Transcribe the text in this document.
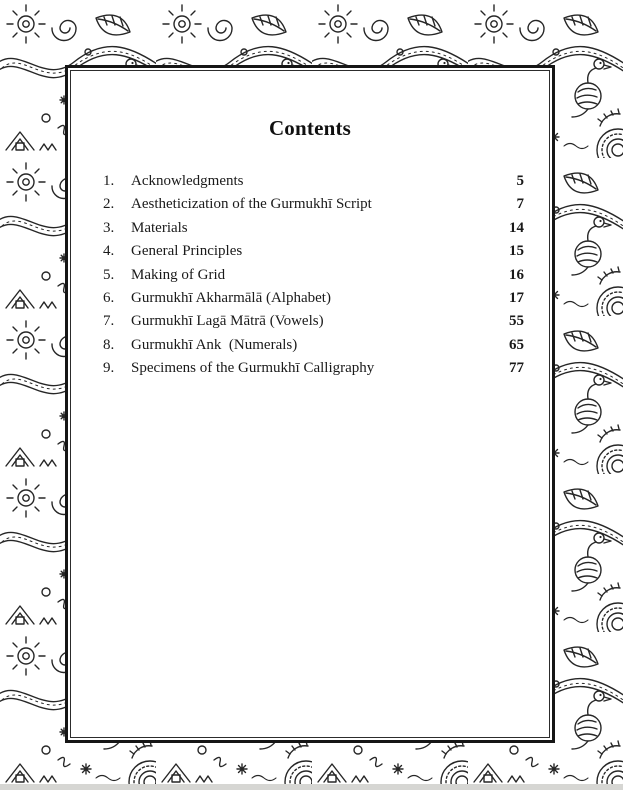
Contents
1. Acknowledgments	5
2. Aestheticization of the Gurmukhī Script	7
3. Materials	14
4. General Principles	15
5. Making of Grid	16
6. Gurmukhī Akharmālā (Alphabet)	17
7. Gurmukhī Lagā Mātrā (Vowels)	55
8. Gurmukhī Ank  (Numerals)	65
9. Specimens of the Gurmukhī Calligraphy	77
